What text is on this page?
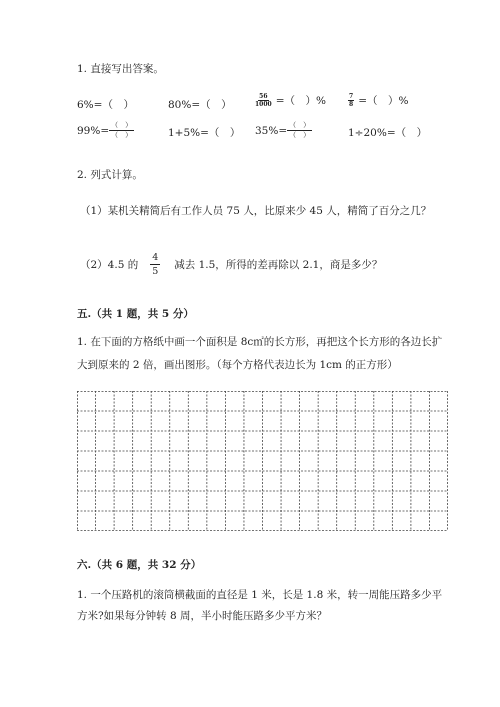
1. 直接写出答案。
6%=（　）	80%=（　）	$\frac{56}{1000}$ =（　）%	$\frac{7}{8}$ =（　）%
$99\%= \frac{( )}{( )}$	1+5%=（　） $35\%= \frac{( )}{( )}$	1÷20%=（　）
2. 列式计算。
（1）某机关精简后有工作人员 75 人，比原来少 45 人，精简了百分之几？
（2）4.5 的 $\frac{4}{5}$ 减去 1.5，所得的差再除以 2.1，商是多少？
五.（共 1 题，共 5 分）
1. 在下面的方格纸中画一个面积是 8c㎡的长方形，再把这个长方形的各边长扩
大到原来的 2 倍，画出图形。（每个方格代表边长为 1cm 的正方形）
六.（共 6 题，共 32 分）
1. 一个压路机的滚筒横截面的直径是 1 米，长是 1.8 米，转一周能压路多少平
方米?如果每分钟转 8 周，半小时能压路多少平方米？
